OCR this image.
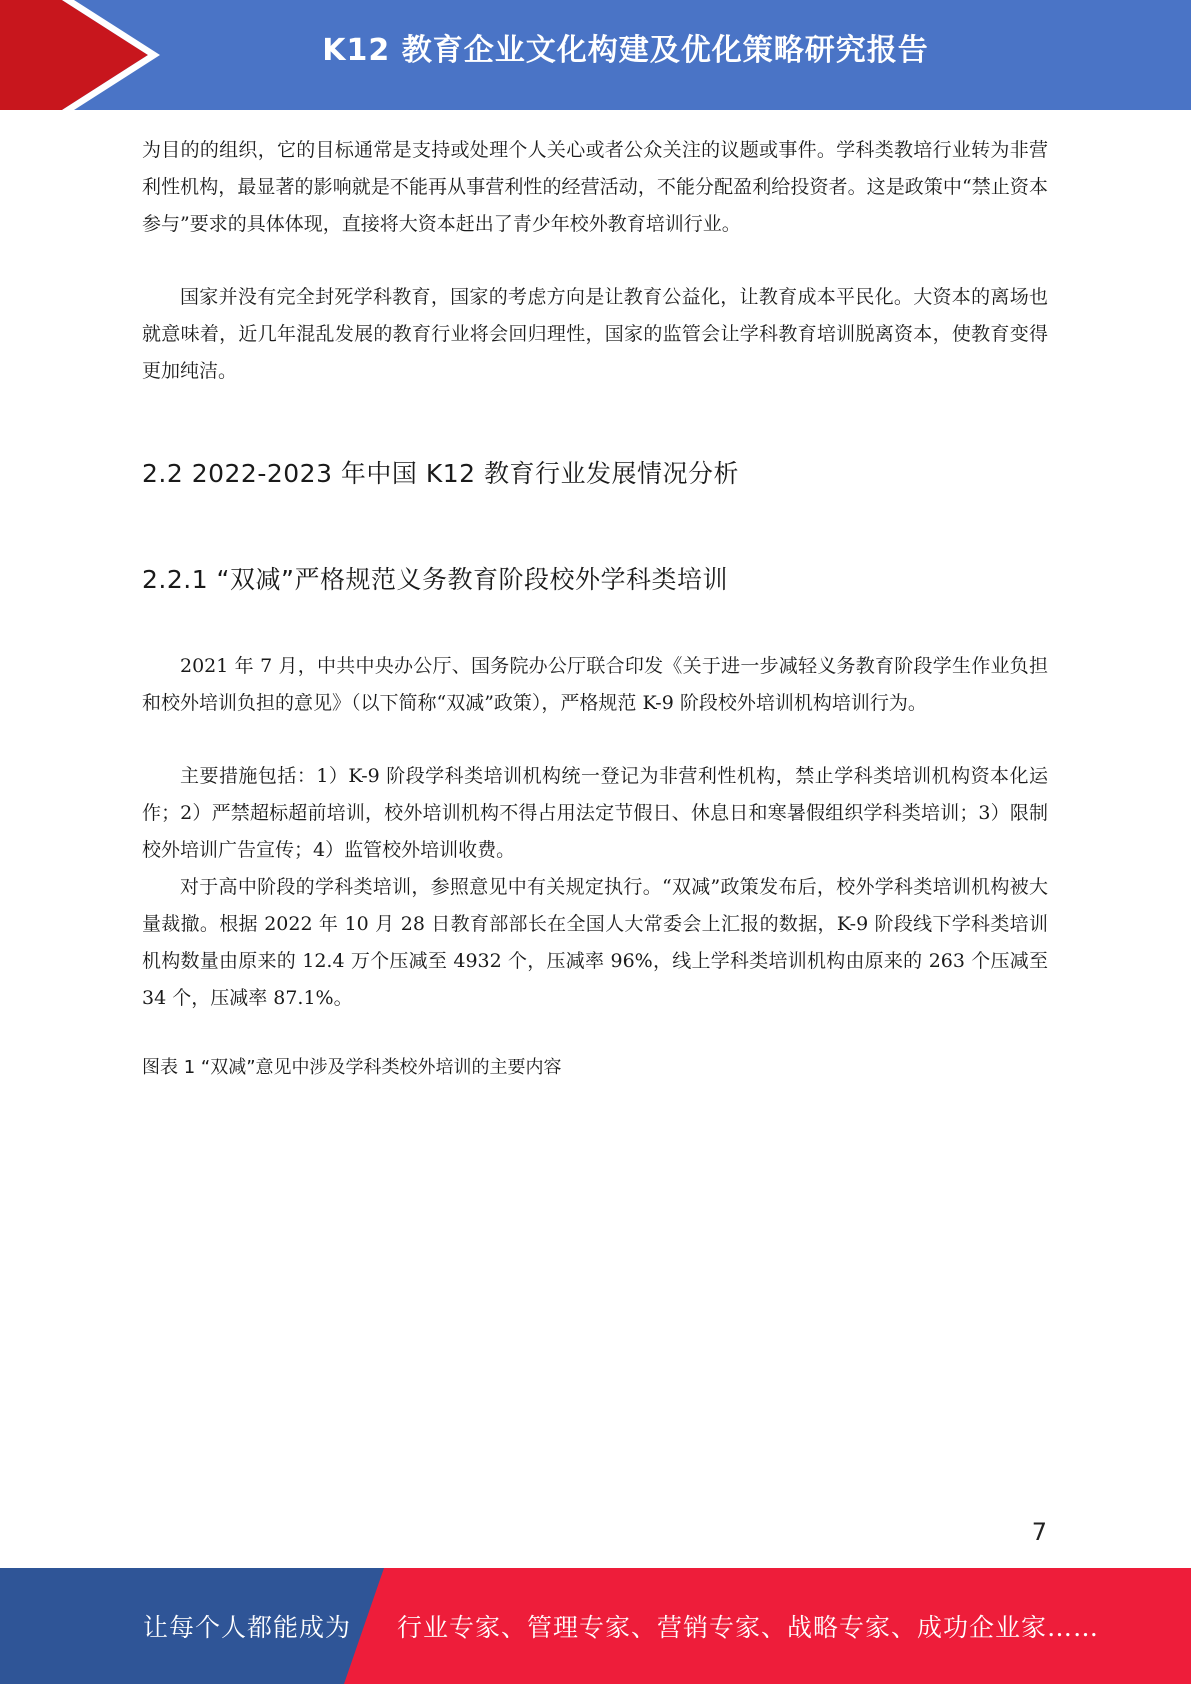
K12 教育企业文化构建及优化策略研究报告

为目的的组织，它的目标通常是支持或处理个人关心或者公众关注的议题或事件。学科类教培行业转为非营利性机构，最显著的影响就是不能再从事营利性的经营活动，不能分配盈利给投资者。这是政策中“禁止资本参与”要求的具体体现，直接将大资本赶出了青少年校外教育培训行业。

国家并没有完全封死学科教育，国家的考虑方向是让教育公益化，让教育成本平民化。大资本的离场也就意味着，近几年混乱发展的教育行业将会回归理性，国家的监管会让学科教育培训脱离资本，使教育变得更加纯洁。

2.2 2022-2023 年中国 K12 教育行业发展情况分析
2.2.1 “双减”严格规范义务教育阶段校外学科类培训

2021 年 7 月，中共中央办公厅、国务院办公厅联合印发《关于进一步减轻义务教育阶段学生作业负担和校外培训负担的意见》（以下简称“双减”政策），严格规范 K-9 阶段校外培训机构培训行为。

主要措施包括：1）K-9 阶段学科类培训机构统一登记为非营利性机构，禁止学科类培训机构资本化运作；2）严禁超标超前培训，校外培训机构不得占用法定节假日、休息日和寒暑假组织学科类培训；3）限制校外培训广告宣传；4）监管校外培训收费。

对于高中阶段的学科类培训，参照意见中有关规定执行。“双减”政策发布后，校外学科类培训机构被大量裁撤。根据 2022 年 10 月 28 日教育部部长在全国人大常委会上汇报的数据，K-9 阶段线下学科类培训机构数量由原来的 12.4 万个压减至 4932 个，压减率 96%，线上学科类培训机构由原来的 263 个压减至 34 个，压减率 87.1%。

图表 1 “双减”意见中涉及学科类校外培训的主要内容

7
让每个人都能成为 行业专家、管理专家、营销专家、战略专家、成功企业家……
